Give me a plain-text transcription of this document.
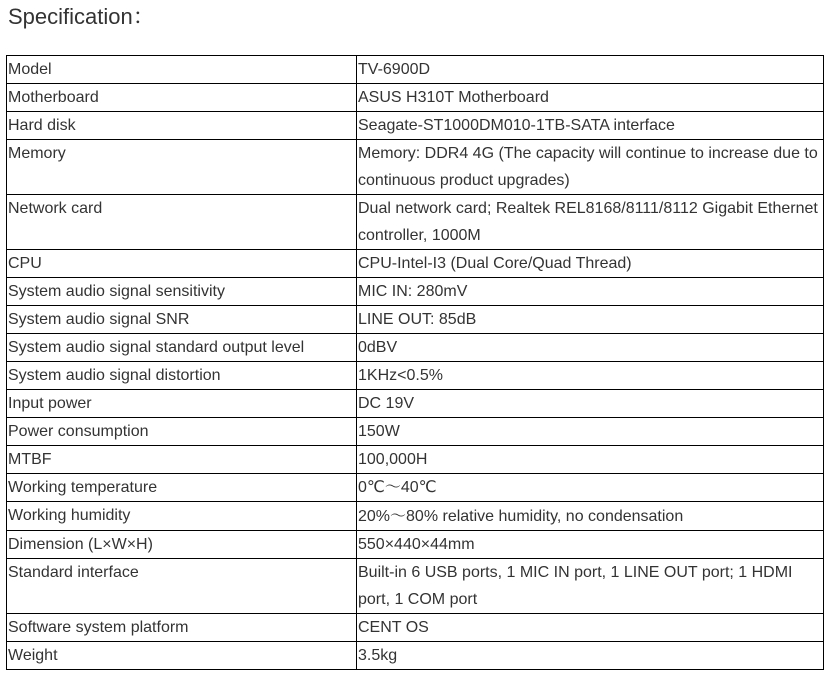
Specification：
Model	TV-6900D
Motherboard	ASUS H310T Motherboard
Hard disk	Seagate-ST1000DM010-1TB-SATA interface
Memory	Memory: DDR4 4G (The capacity will continue to increase due to continuous product upgrades)
Network card	Dual network card; Realtek REL8168/8111/8112 Gigabit Ethernet controller, 1000M
CPU	CPU-Intel-I3 (Dual Core/Quad Thread)
System audio signal sensitivity	MIC IN: 280mV
System audio signal SNR	LINE OUT: 85dB
System audio signal standard output level	0dBV
System audio signal distortion	1KHz<0.5%
Input power	DC 19V
Power consumption	150W
MTBF	100,000H
Working temperature	0℃～40℃
Working humidity	20%～80% relative humidity, no condensation
Dimension (L×W×H)	550×440×44mm
Standard interface	Built-in 6 USB ports, 1 MIC IN port, 1 LINE OUT port; 1 HDMI port, 1 COM port
Software system platform	CENT OS
Weight	3.5kg
